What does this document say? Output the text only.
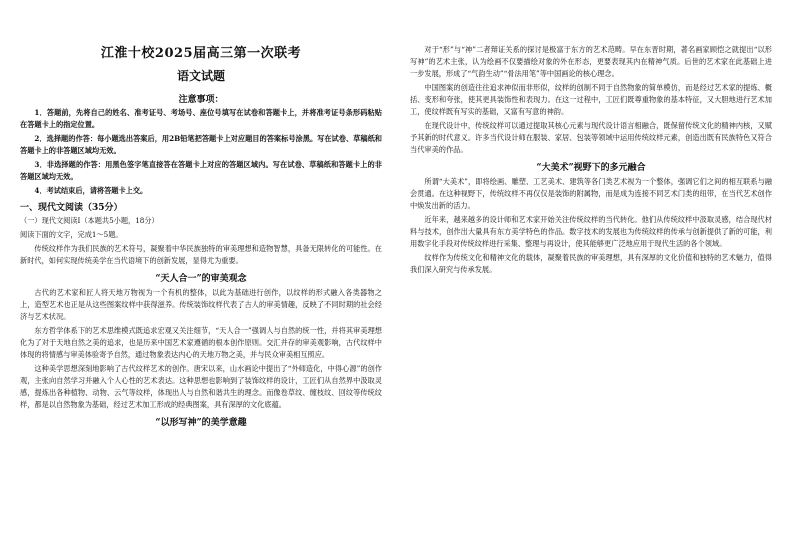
江淮十校2025届高三第一次联考
语文试题
注意事项：

1．答题前，先将自己的姓名、准考证号、考场号、座位号填写在试卷和答题卡上，并将准考证号条形码粘贴在答题卡上的指定位置。

2．选择题的作答：每小题选出答案后，用2B铅笔把答题卡上对应题目的答案标号涂黑。写在试卷、草稿纸和答题卡上的非答题区域均无效。

3．非选择题的作答：用黑色签字笔直接答在答题卡上对应的答题区域内。写在试卷、草稿纸和答题卡上的非答题区域均无效。

4．考试结束后，请将答题卡上交。

一、现代文阅读（35分）

（一）现代文阅读Ⅰ（本题共5小题，18分）

阅读下面的文字，完成1～5题。

传统纹样作为我们民族的艺术符号，凝聚着中华民族独特的审美理想和造物智慧，具备无限转化的可能性。在新时代，如何实现传统美学在当代语境下的创新发展，显得尤为重要。

“天人合一”的审美观念

古代的艺术家和匠人将天地万物视为一个有机的整体，以此为基础进行创作，以纹样的形式融入各类器物之上，造型艺术也正是从这些图案纹样中获得滋养。传统装饰纹样代表了古人的审美情趣，反映了不同时期的社会经济与艺术状况。

东方哲学体系下的艺术思维模式既追求宏观又关注细节，“天人合一”强调人与自然的统一性，并将其审美理想化为了对于天地自然之美的追求，也是历来中国艺术家遵循的根本创作原则。交汇并存的审美观影响，古代纹样中体现的将情感与审美体验寄予自然，通过物象表达内心的天地万物之美，并与民众审美相互照应。

这种美学思想深刻地影响了古代纹样艺术的创作。唐宋以来，山水画论中提出了“外师造化，中得心源”的创作观，主张向自然学习并融入个人心性的艺术表达。这种思想也影响到了装饰纹样的设计，工匠们从自然界中汲取灵感，提炼出各种植物、动物、云气等纹样，体现出人与自然和谐共生的理念。而像卷草纹、缠枝纹、回纹等传统纹样，都是以自然物象为基础，经过艺术加工形成的经典图案，具有深厚的文化底蕴。

“以形写神”的美学意趣

对于“形”与“神”二者辩证关系的探讨是极富于东方的艺术范畴。早在东晋时期，著名画家顾恺之就提出“以形写神”的艺术主张，认为绘画不仅要描绘对象的外在形态，更要表现其内在精神气质。后世的艺术家在此基础上进一步发展，形成了“气韵生动”“骨法用笔”等中国画论的核心理念。

中国图案的创造往往追求神似而非形似，纹样的创制不同于自然物象的简单模仿，而是经过艺术家的提炼、概括、变形和夸张，使其更具装饰性和表现力。在这一过程中，工匠们既尊重物象的基本特征，又大胆地进行艺术加工，使纹样既有写实的基础，又富有写意的神韵。

在现代设计中，传统纹样可以通过提取其核心元素与现代设计语言相融合，既保留传统文化的精神内核，又赋予其新的时代意义。许多当代设计师在服装、家居、包装等领域中运用传统纹样元素，创造出既有民族特色又符合当代审美的作品。

“大美术”视野下的多元融合

所谓“大美术”，即将绘画、雕塑、工艺美术、建筑等各门类艺术视为一个整体，强调它们之间的相互联系与融会贯通。在这种视野下，传统纹样不再仅仅是装饰的附属物，而是成为连接不同艺术门类的纽带，在当代艺术创作中焕发出新的活力。

近年来，越来越多的设计师和艺术家开始关注传统纹样的当代转化。他们从传统纹样中汲取灵感，结合现代材料与技术，创作出大量具有东方美学特色的作品。数字技术的发展也为传统纹样的传承与创新提供了新的可能，利用数字化手段对传统纹样进行采集、整理与再设计，使其能够更广泛地应用于现代生活的各个领域。

纹样作为传统文化和精神文化的载体，凝聚着民族的审美理想，具有深厚的文化价值和独特的艺术魅力，值得我们深入研究与传承发展。
